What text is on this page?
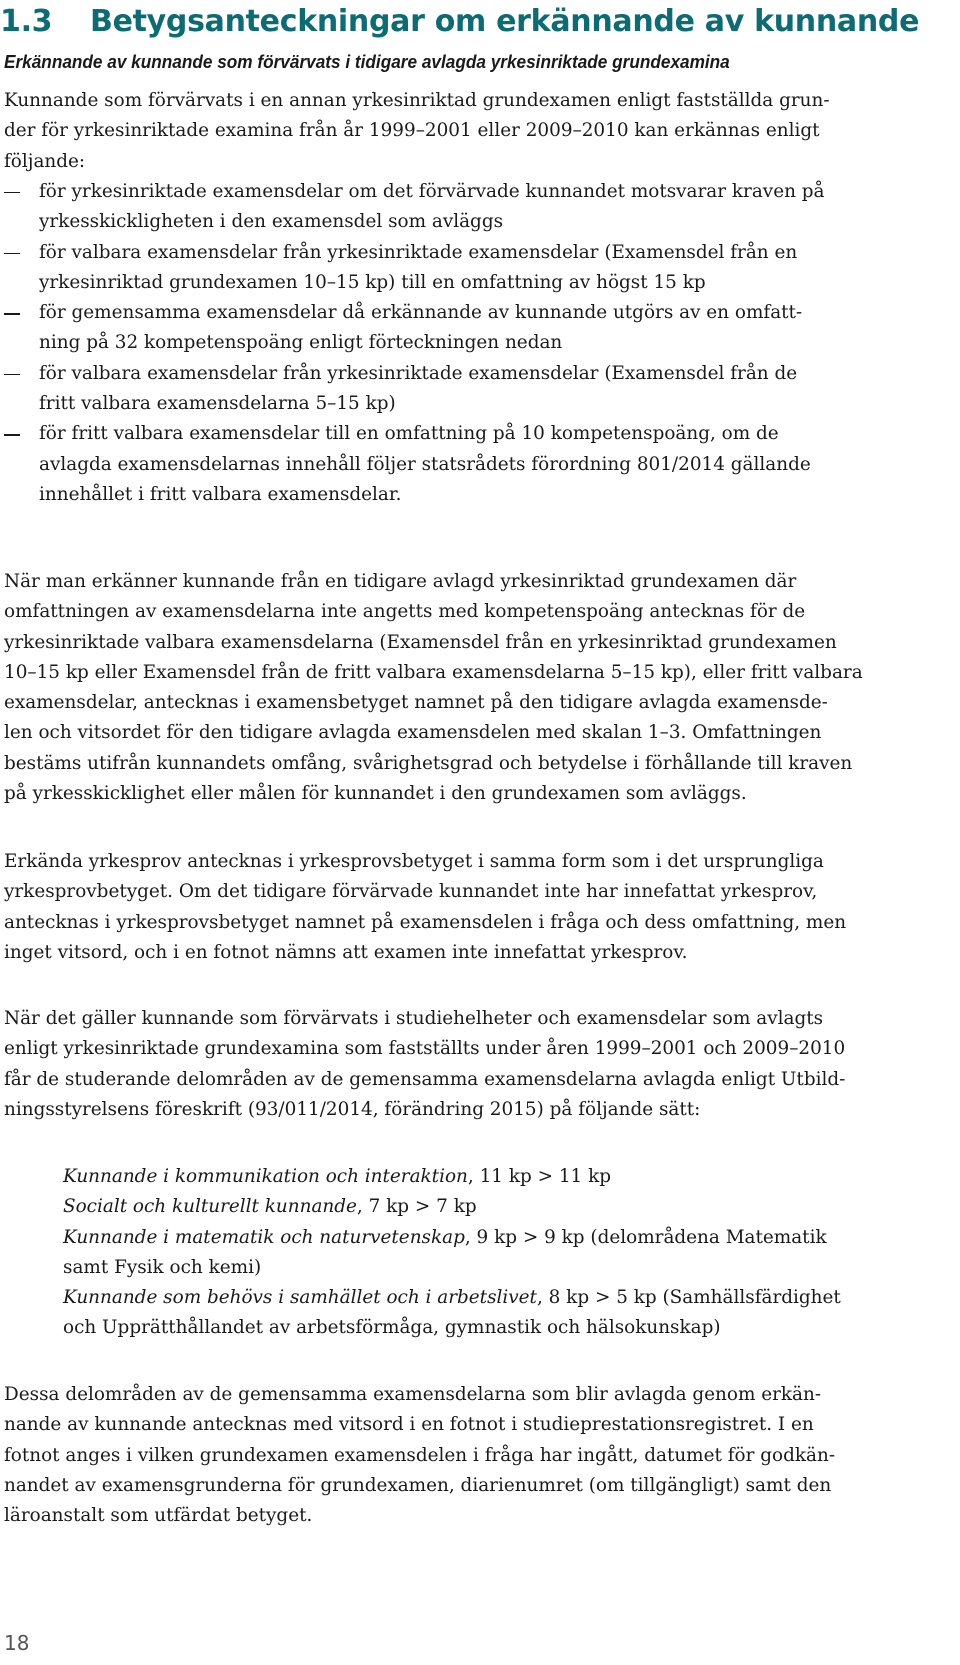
1.3 Betygsanteckningar om erkännande av kunnande
Erkännande av kunnande som förvärvats i tidigare avlagda yrkesinriktade grundexamina
Kunnande som förvärvats i en annan yrkesinriktad grundexamen enligt fastställda grun-
der för yrkesinriktade examina från år 1999–2001 eller 2009–2010 kan erkännas enligt
följande:
för yrkesinriktade examensdelar om det förvärvade kunnandet motsvarar kraven på
yrkesskickligheten i den examensdel som avläggs
för valbara examensdelar från yrkesinriktade examensdelar (Examensdel från en
yrkesinriktad grundexamen 10–15 kp) till en omfattning av högst 15 kp
för gemensamma examensdelar då erkännande av kunnande utgörs av en omfatt-
ning på 32 kompetenspoäng enligt förteckningen nedan
för valbara examensdelar från yrkesinriktade examensdelar (Examensdel från de
fritt valbara examensdelarna 5–15 kp)
för fritt valbara examensdelar till en omfattning på 10 kompetenspoäng, om de
avlagda examensdelarnas innehåll följer statsrådets förordning 801/2014 gällande
innehållet i fritt valbara examensdelar.
När man erkänner kunnande från en tidigare avlagd yrkesinriktad grundexamen där
omfattningen av examensdelarna inte angetts med kompetenspoäng antecknas för de
yrkesinriktade valbara examensdelarna (Examensdel från en yrkesinriktad grundexamen
10–15 kp eller Examensdel från de fritt valbara examensdelarna 5–15 kp), eller fritt valbara
examensdelar, antecknas i examensbetyget namnet på den tidigare avlagda examensde-
len och vitsordet för den tidigare avlagda examensdelen med skalan 1–3. Omfattningen
bestäms utifrån kunnandets omfång, svårighetsgrad och betydelse i förhållande till kraven
på yrkesskicklighet eller målen för kunnandet i den grundexamen som avläggs.
Erkända yrkesprov antecknas i yrkesprovsbetyget i samma form som i det ursprungliga
yrkesprovbetyget. Om det tidigare förvärvade kunnandet inte har innefattat yrkesprov,
antecknas i yrkesprovsbetyget namnet på examensdelen i fråga och dess omfattning, men
inget vitsord, och i en fotnot nämns att examen inte innefattat yrkesprov.
När det gäller kunnande som förvärvats i studiehelheter och examensdelar som avlagts
enligt yrkesinriktade grundexamina som fastställts under åren 1999–2001 och 2009–2010
får de studerande delområden av de gemensamma examensdelarna avlagda enligt Utbild-
ningsstyrelsens föreskrift (93/011/2014, förändring 2015) på följande sätt:
Kunnande i kommunikation och interaktion, 11 kp > 11 kp
Socialt och kulturellt kunnande, 7 kp > 7 kp
Kunnande i matematik och naturvetenskap, 9 kp > 9 kp (delområdena Matematik
samt Fysik och kemi)
Kunnande som behövs i samhället och i arbetslivet, 8 kp > 5 kp (Samhällsfärdighet
och Upprätthållandet av arbetsförmåga, gymnastik och hälsokunskap)
Dessa delområden av de gemensamma examensdelarna som blir avlagda genom erkän-
nande av kunnande antecknas med vitsord i en fotnot i studieprestationsregistret. I en
fotnot anges i vilken grundexamen examensdelen i fråga har ingått, datumet för godkän-
nandet av examensgrunderna för grundexamen, diarienumret (om tillgängligt) samt den
läroanstalt som utfärdat betyget.
18
